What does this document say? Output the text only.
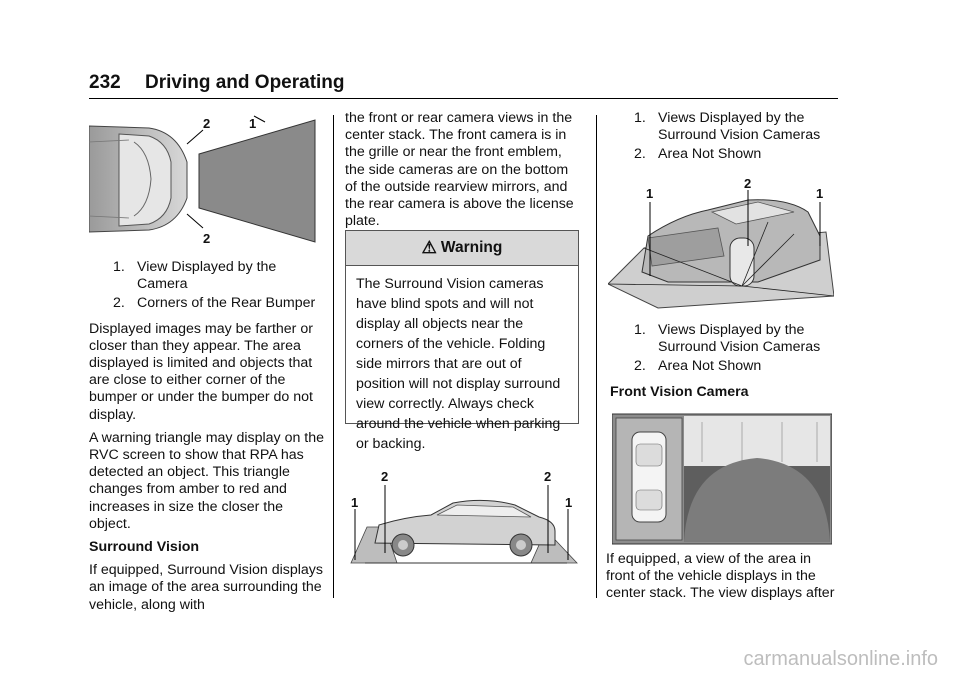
232 Driving and Operating
2	1
2
1. View Displayed by the Camera
2. Corners of the Rear Bumper

Displayed images may be farther or closer than they appear. The area displayed is limited and objects that are close to either corner of the bumper or under the bumper do not display.

A warning triangle may display on the RVC screen to show that RPA has detected an object. This triangle changes from amber to red and increases in size the closer the object.

Surround Vision

If equipped, Surround Vision displays an image of the area surrounding the vehicle, along with

the front or rear camera views in the center stack. The front camera is in the grille or near the front emblem, the side cameras are on the bottom of the outside rearview mirrors, and the rear camera is above the license plate.

⚠ Warning
The Surround Vision cameras have blind spots and will not display all objects near the corners of the vehicle. Folding side mirrors that are out of position will not display surround view correctly. Always check around the vehicle when parking or backing.
1
2	2
1
1. Views Displayed by the Surround Vision Cameras
2. Area Not Shown
1
2
1
1. Views Displayed by the Surround Vision Cameras
2. Area Not Shown

Front Vision Camera

If equipped, a view of the area in front of the vehicle displays in the center stack. The view displays after

carmanualsonline.info
